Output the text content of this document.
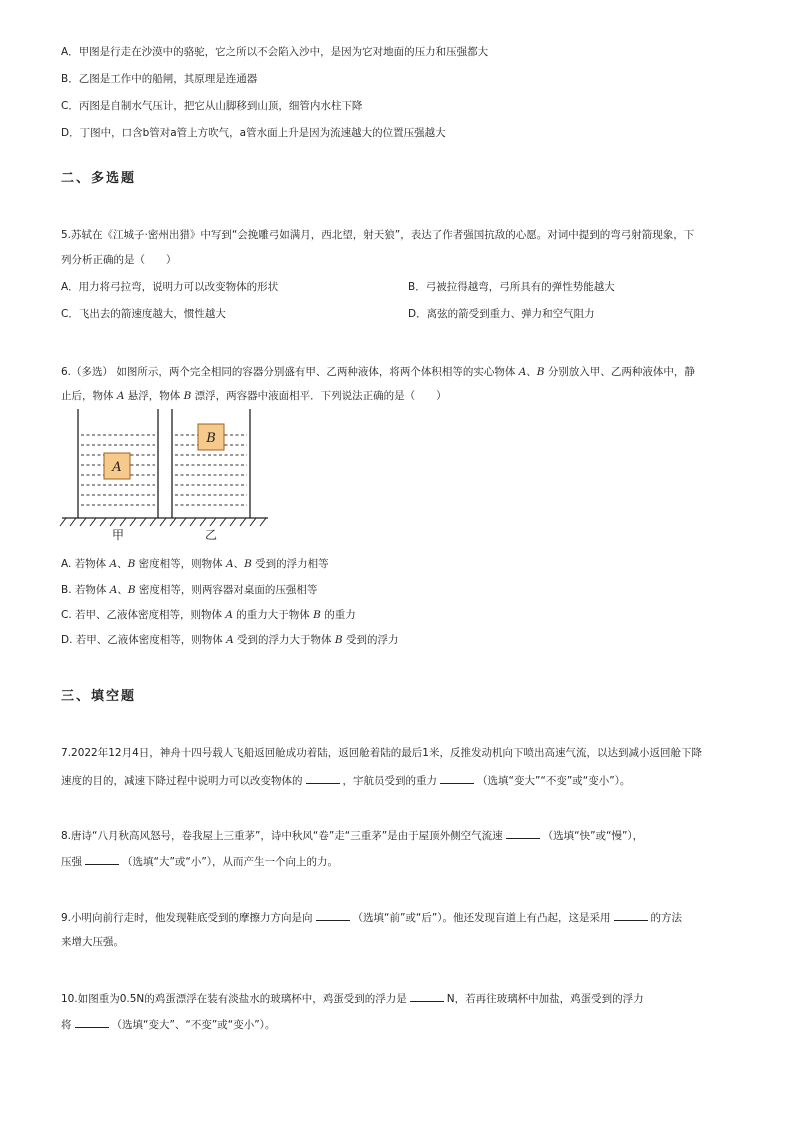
A．甲图是行走在沙漠中的骆驼，它之所以不会陷入沙中，是因为它对地面的压力和压强都大
B．乙图是工作中的船闸，其原理是连通器
C．丙图是自制水气压计，把它从山脚移到山顶，细管内水柱下降
D．丁图中，口含b管对a管上方吹气，a管水面上升是因为流速越大的位置压强越大
二、多选题
5.苏轼在《江城子·密州出猎》中写到“会挽雕弓如满月，西北望，射天狼”，表达了作者强国抗敌的心愿。对词中提到的弯弓射箭现象，下
列分析正确的是（　　）
A．用力将弓拉弯，说明力可以改变物体的形状	B．弓被拉得越弯，弓所具有的弹性势能越大
C．飞出去的箭速度越大，惯性越大	D．离弦的箭受到重力、弹力和空气阻力
6.（多选） 如图所示，两个完全相同的容器分别盛有甲、乙两种液体，将两个体积相等的实心物体 A、B 分别放入甲、乙两种液体中，静
止后，物体 A 悬浮，物体 B 漂浮，两容器中液面相平．下列说法正确的是（　　）
A
B
甲	乙
A. 若物体 A、B 密度相等，则物体 A、B 受到的浮力相等
B. 若物体 A、B 密度相等，则两容器对桌面的压强相等
C. 若甲、乙液体密度相等，则物体 A 的重力大于物体 B 的重力
D. 若甲、乙液体密度相等，则物体 A 受到的浮力大于物体 B 受到的浮力
三、填空题
7.2022年12月4日，神舟十四号载人飞船返回舱成功着陆，返回舱着陆的最后1米，反推发动机向下喷出高速气流，以达到减小返回舱下降
速度的目的，减速下降过程中说明力可以改变物体的	，宇航员受到的重力	（选填“变大”“不变”或“变小”）。
8.唐诗“八月秋高风怒号，卷我屋上三重茅”，诗中秋风“卷”走“三重茅”是由于屋顶外侧空气流速	（选填“快”或“慢”），
压强	（选填“大”或“小”），从而产生一个向上的力。
9.小明向前行走时，他发现鞋底受到的摩擦力方向是向	（选填“前”或“后”）。他还发现盲道上有凸起，这是采用	的方法
来增大压强。
10.如图重为0.5N的鸡蛋漂浮在装有淡盐水的玻璃杯中，鸡蛋受到的浮力是	N，若再往玻璃杯中加盐，鸡蛋受到的浮力
将	（选填“变大”、“不变”或“变小”）。
